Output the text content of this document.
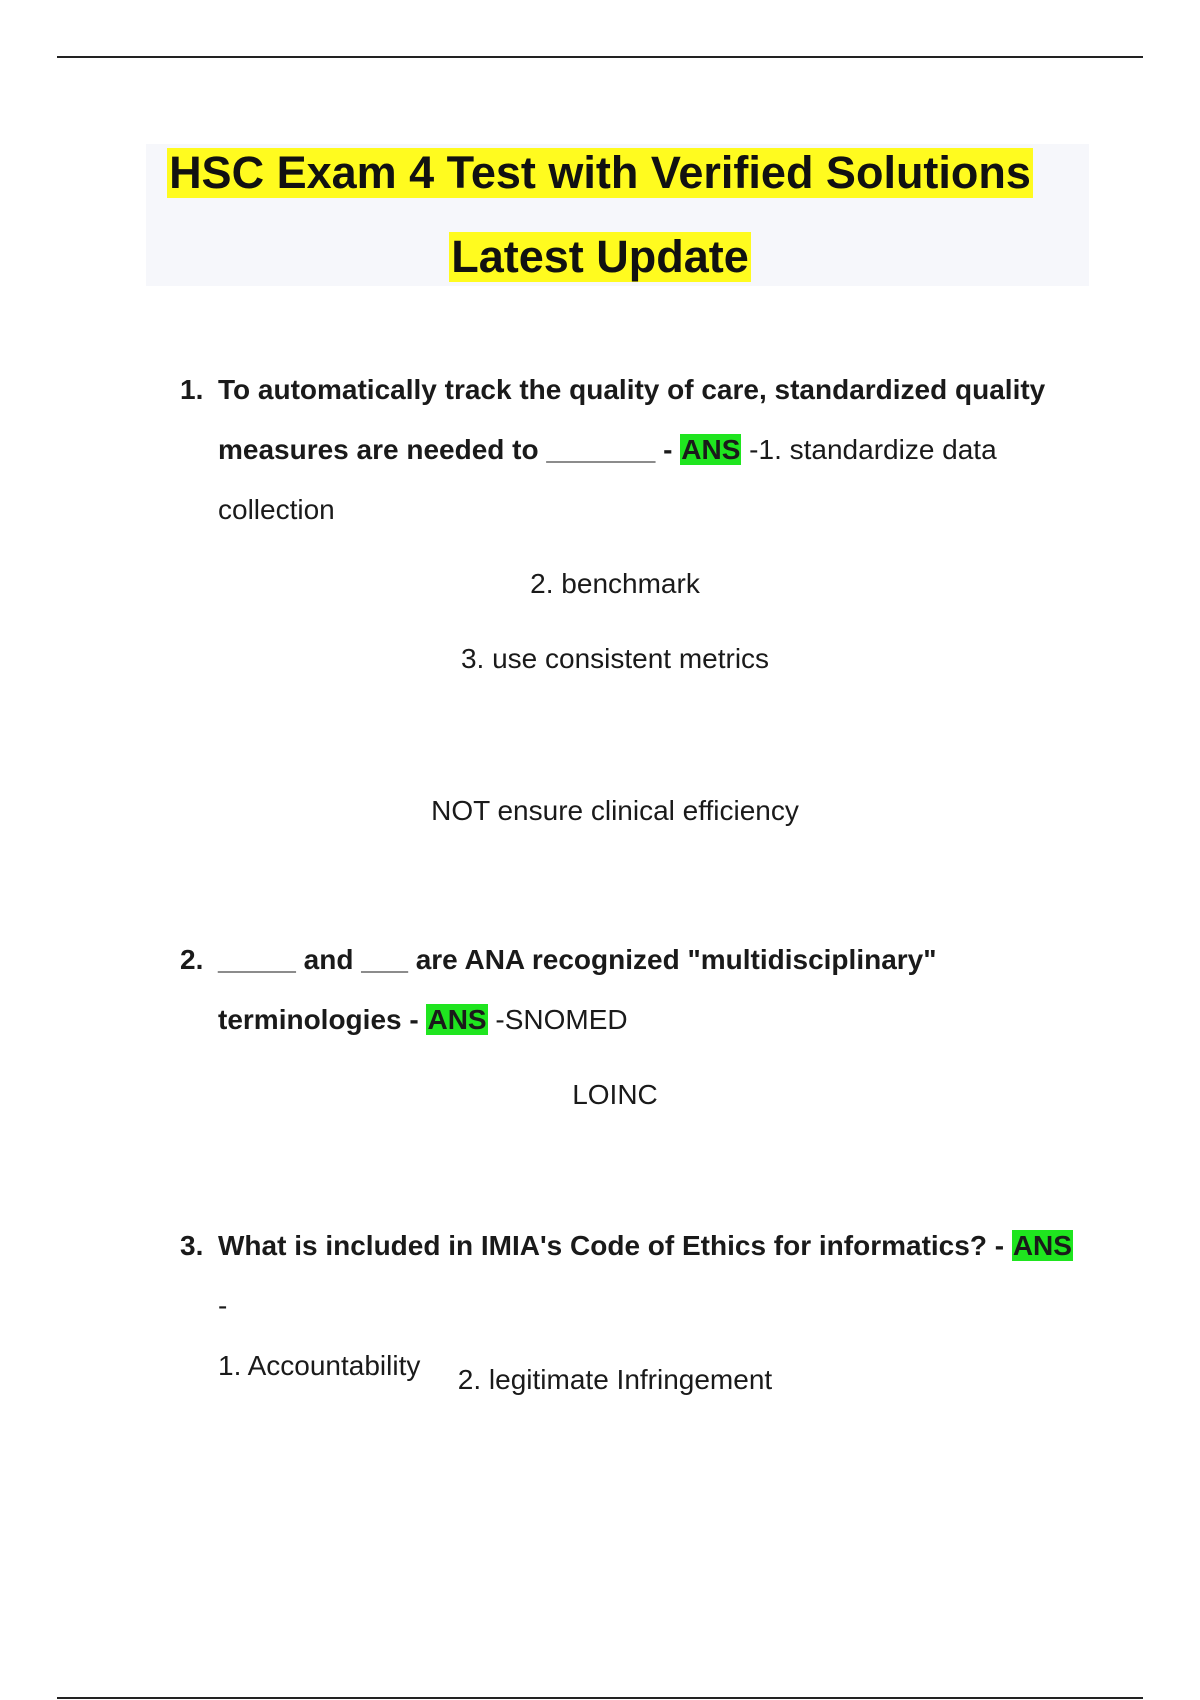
HSC Exam 4 Test with Verified Solutions
Latest Update
1. To automatically track the quality of care, standardized quality measures are needed to _______ - ANS -1. standardize data collection
2. benchmark
3. use consistent metrics
NOT ensure clinical efficiency
2. _____ and ___ are ANA recognized "multidisciplinary" terminologies - ANS -SNOMED
LOINC
3. What is included in IMIA's Code of Ethics for informatics? - ANS -
1. Accountability	2. legitimate Infringement
